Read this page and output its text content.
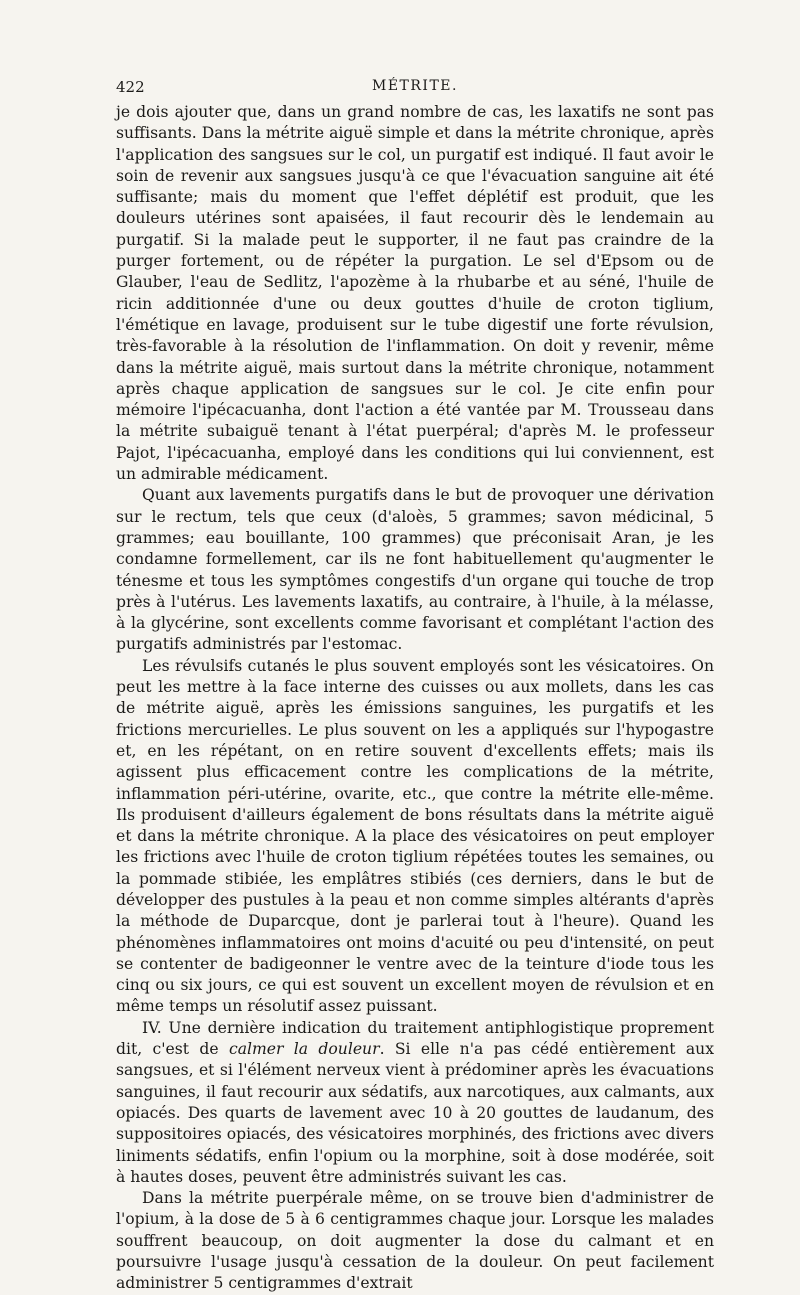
422	MÉTRITE.

je dois ajouter que, dans un grand nombre de cas, les laxatifs ne sont pas suffisants. Dans la métrite aiguë simple et dans la métrite chronique, après l'application des sangsues sur le col, un purgatif est indiqué. Il faut avoir le soin de revenir aux sangsues jusqu'à ce que l'évacuation sanguine ait été suffisante; mais du moment que l'effet déplétif est produit, que les douleurs utérines sont apaisées, il faut recourir dès le lendemain au purgatif. Si la malade peut le supporter, il ne faut pas craindre de la purger fortement, ou de répéter la purgation. Le sel d'Epsom ou de Glauber, l'eau de Sedlitz, l'apozème à la rhubarbe et au séné, l'huile de ricin additionnée d'une ou deux gouttes d'huile de croton tiglium, l'émétique en lavage, produisent sur le tube digestif une forte révulsion, très-favorable à la résolution de l'inflammation. On doit y revenir, même dans la métrite aiguë, mais surtout dans la métrite chronique, notamment après chaque application de sangsues sur le col. Je cite enfin pour mémoire l'ipécacuanha, dont l'action a été vantée par M. Trousseau dans la métrite subaiguë tenant à l'état puerpéral; d'après M. le professeur Pajot, l'ipécacuanha, employé dans les conditions qui lui conviennent, est un admirable médicament.

Quant aux lavements purgatifs dans le but de provoquer une dérivation sur le rectum, tels que ceux (d'aloès, 5 grammes; savon médicinal, 5 grammes; eau bouillante, 100 grammes) que préconisait Aran, je les condamne formellement, car ils ne font habituellement qu'augmenter le ténesme et tous les symptômes congestifs d'un organe qui touche de trop près à l'utérus. Les lavements laxatifs, au contraire, à l'huile, à la mélasse, à la glycérine, sont excellents comme favorisant et complétant l'action des purgatifs administrés par l'estomac.

Les révulsifs cutanés le plus souvent employés sont les vésicatoires. On peut les mettre à la face interne des cuisses ou aux mollets, dans les cas de métrite aiguë, après les émissions sanguines, les purgatifs et les frictions mercurielles. Le plus souvent on les a appliqués sur l'hypogastre et, en les répétant, on en retire souvent d'excellents effets; mais ils agissent plus efficacement contre les complications de la métrite, inflammation péri-utérine, ovarite, etc., que contre la métrite elle-même. Ils produisent d'ailleurs également de bons résultats dans la métrite aiguë et dans la métrite chronique. A la place des vésicatoires on peut employer les frictions avec l'huile de croton tiglium répétées toutes les semaines, ou la pommade stibiée, les emplâtres stibiés (ces derniers, dans le but de développer des pustules à la peau et non comme simples altérants d'après la méthode de Duparcque, dont je parlerai tout à l'heure). Quand les phénomènes inflammatoires ont moins d'acuité ou peu d'intensité, on peut se contenter de badigeonner le ventre avec de la teinture d'iode tous les cinq ou six jours, ce qui est souvent un excellent moyen de révulsion et en même temps un résolutif assez puissant.

IV. Une dernière indication du traitement antiphlogistique proprement dit, c'est de calmer la douleur. Si elle n'a pas cédé entièrement aux sangsues, et si l'élément nerveux vient à prédominer après les évacuations sanguines, il faut recourir aux sédatifs, aux narcotiques, aux calmants, aux opiacés. Des quarts de lavement avec 10 à 20 gouttes de laudanum, des suppositoires opiacés, des vésicatoires morphinés, des frictions avec divers liniments sédatifs, enfin l'opium ou la morphine, soit à dose modérée, soit à hautes doses, peuvent être administrés suivant les cas.

Dans la métrite puerpérale même, on se trouve bien d'administrer de l'opium, à la dose de 5 à 6 centigrammes chaque jour. Lorsque les malades souffrent beaucoup, on doit augmenter la dose du calmant et en poursuivre l'usage jusqu'à cessation de la douleur. On peut facilement administrer 5 centigrammes d'extrait
